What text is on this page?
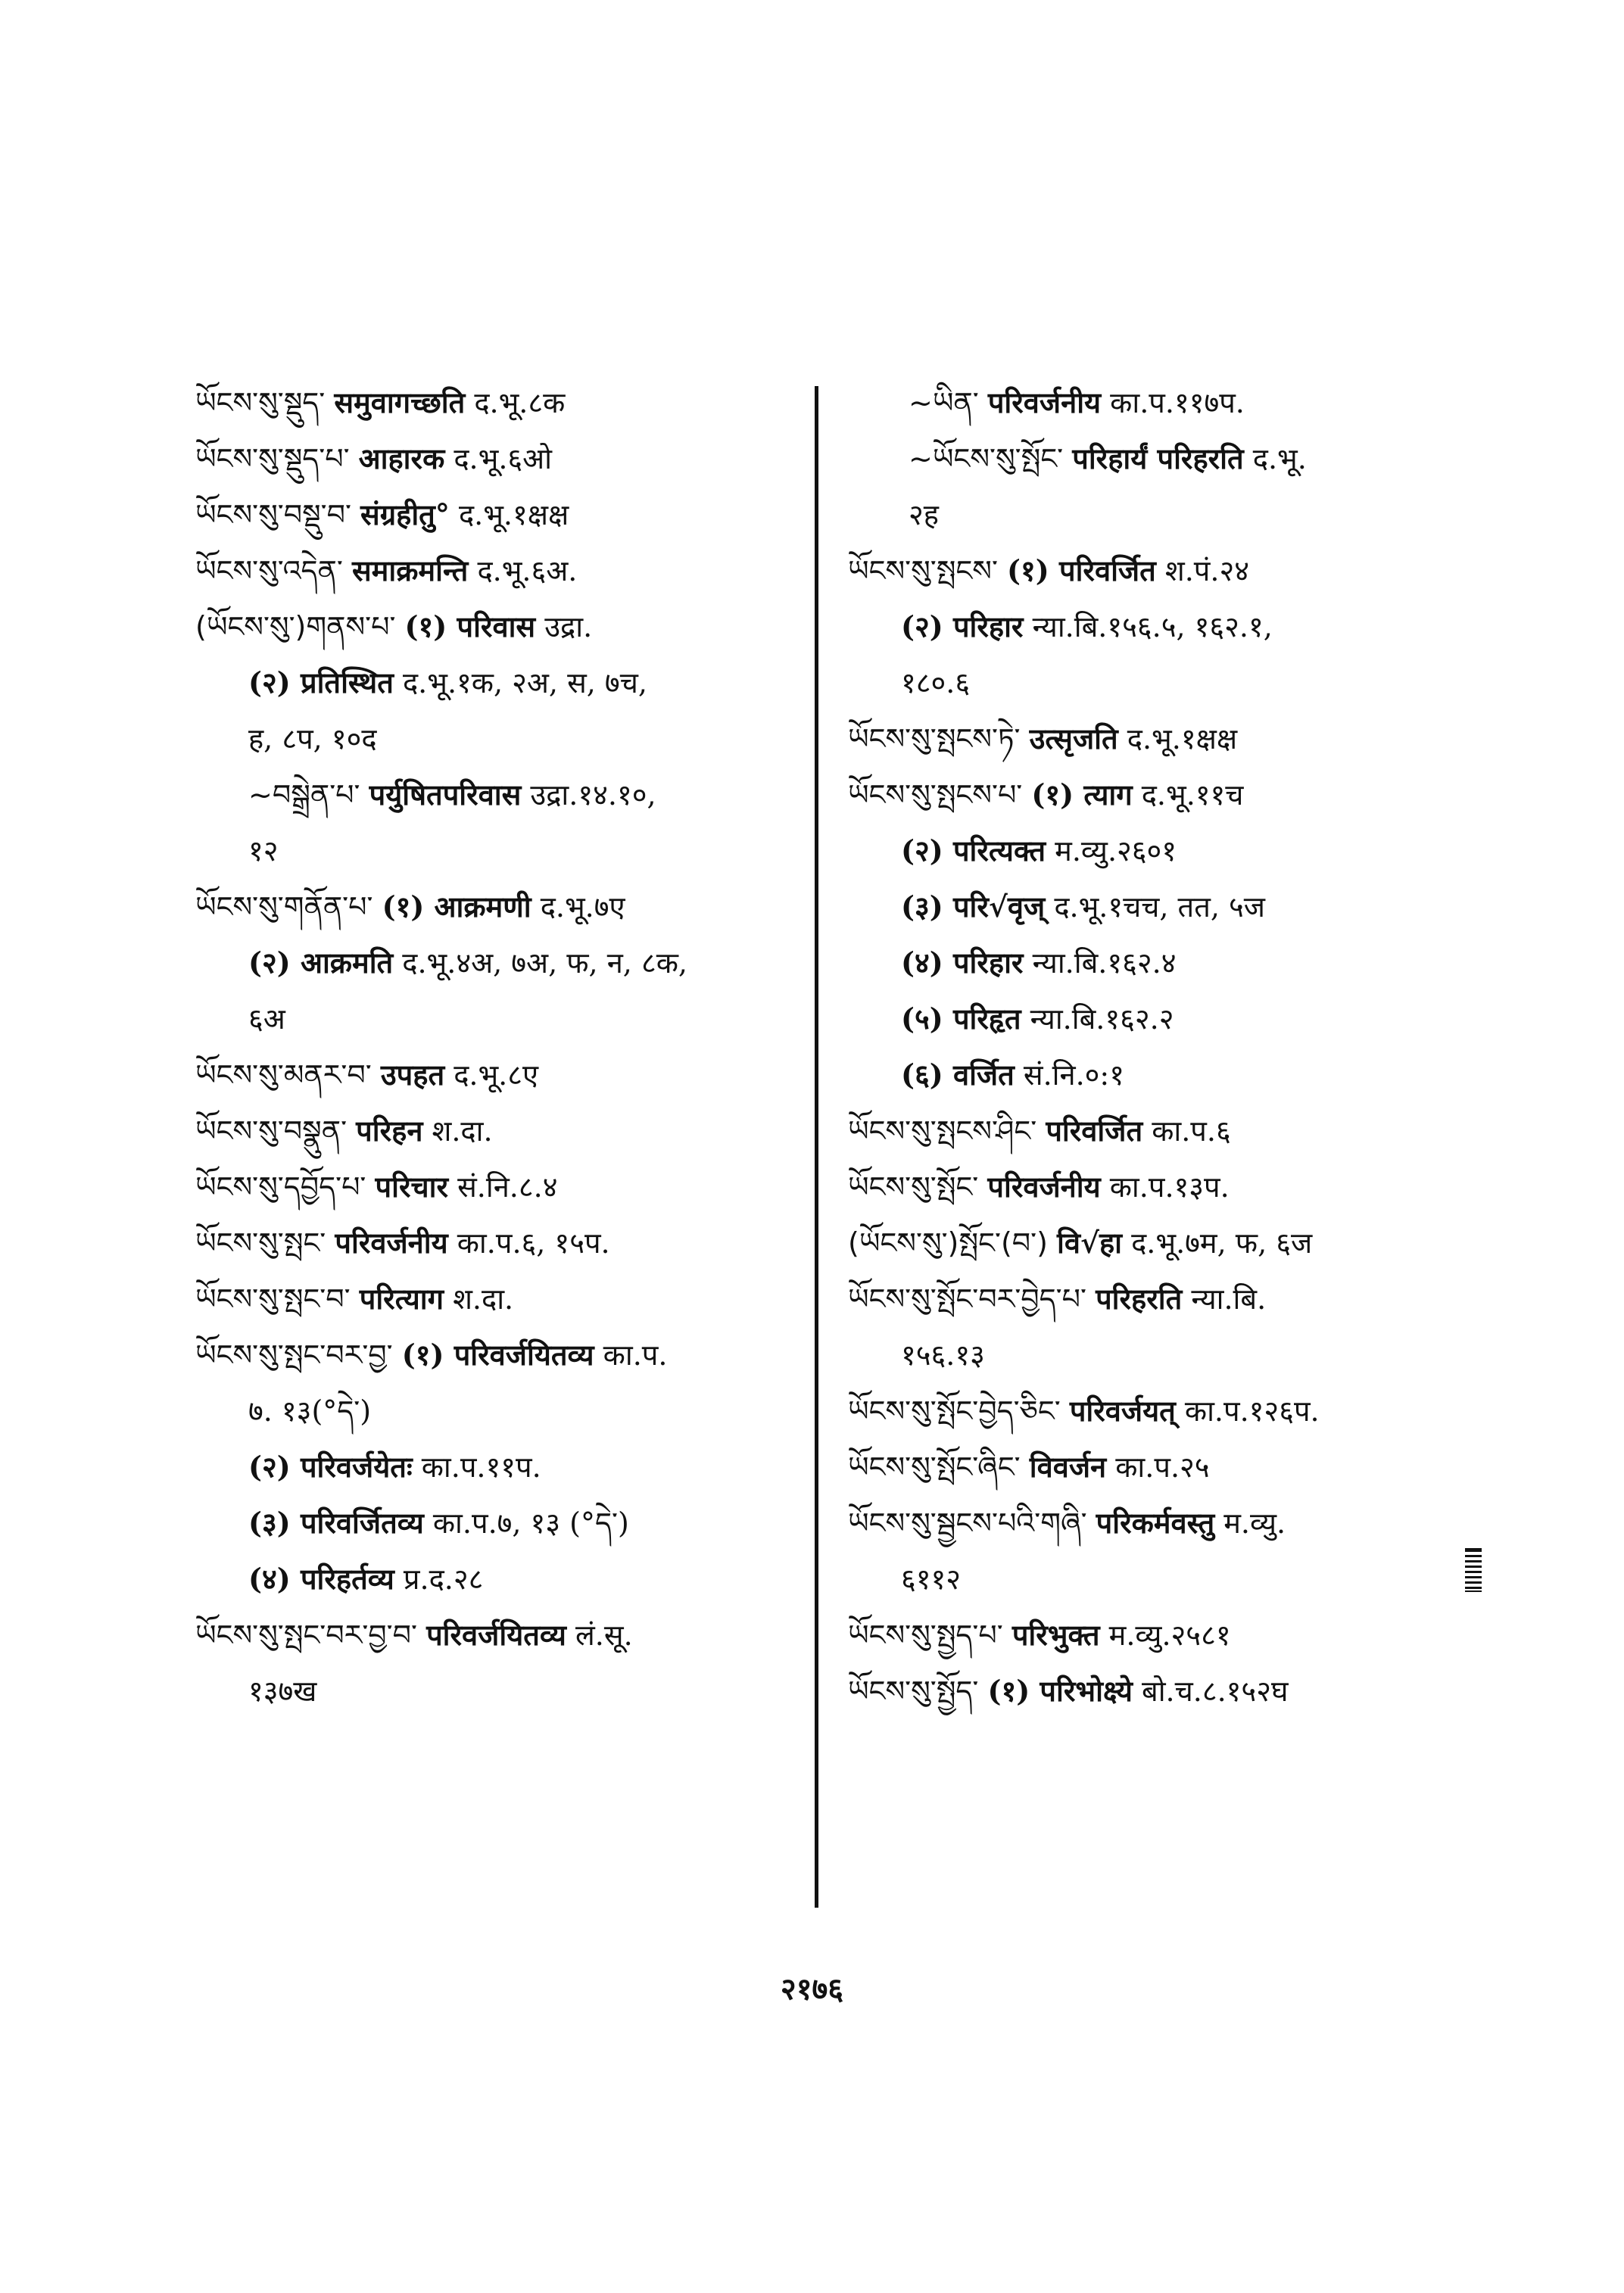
ཡོངས་སུ་སྡུད་ समुवागच्छति द.भू.८क
ཡོངས་སུ་སྡུད་པ་ आहारक द.भू.६ओ
ཡོངས་སུ་བསྡུ་བ་ संग्रहीतु° द.भू.१क्षक्ष
ཡོངས་སུ་འདེན་ समाक्रमन्ति द.भू.६अ.
(ཡོངས་སུ་)གནས་པ་ (१) परिवास उद्रा.
(२) प्रतिस्थित द.भू.१क, २अ, स, ७च,
ह, ८प, १०द
~བསྒྲེན་པ་ पर्युषितपरिवास उद्रा.१४.१०,
१२
ཡོངས་སུ་གནོན་པ་ (१) आक्रमणी द.भू.७ए
(२) आक्रमति द.भू.४अ, ७अ, फ, न, ८क,
६अ
ཡོངས་སུ་མནར་བ་ उपहत द.भू.८ए
ཡོངས་སུ་བསྣུན་ परिहन श.दा.
ཡོངས་སུ་དབྱོད་པ་ परिचार सं.नि.८.४
ཡོངས་སུ་སྤང་ परिवर्जनीय का.प.६, १५प.
ཡོངས་སུ་སྤང་བ་ परित्याग श.दा.
ཡོངས་སུ་སྤང་བར་བྱ་ (१) परिवर्जयितव्य का.प.
७. १३(°དེ་)
(२) परिवर्जयेतः का.प.११प.
(३) परिवर्जितव्य का.प.७, १३ (°དེ་)
(४) परिहर्तव्य प्र.द.२८
ཡོངས་སུ་སྤང་བར་བྱ་བ་ परिवर्जयितव्य लं.सू.
१३७ख
~ཡིན་ परिवर्जनीय का.प.११७प.
~ཡོངས་སུ་སྤོང་ परिहार्यं परिहरति द.भू.
२ह
ཡོངས་སུ་སྤངས་ (१) परिवर्जित श.पं.२४
(२) परिहार न्या.बि.१५६.५, १६२.१,
१८०.६
ཡོངས་སུ་སྤངས་ཏེ་ उत्सृजति द.भू.१क्षक्ष
ཡོངས་སུ་སྤངས་པ་ (१) त्याग द.भू.११च
(२) परित्यक्त म.व्यु.२६०१
(३) परि√वृज् द.भू.१चच, तत, ५ज
(४) परिहार न्या.बि.१६२.४
(५) परिहृत न्या.बि.१६२.२
(६) वर्जित सं.नि.०:१
ཡོངས་སུ་སྤངས་ཤིང་ परिवर्जित का.प.६
ཡོངས་སུ་སྤོང་ परिवर्जनीय का.प.१३प.
(ཡོངས་སུ་)སྤོང་(བ་) वि√हा द.भू.७म, फ, ६ज
ཡོངས་སུ་སྤོང་བར་བྱེད་པ་ परिहरति न्या.बि.
१५६.१३
ཡོངས་སུ་སྤོང་བྱེད་ཅིང་ परिवर्जयत् का.प.१२६प.
ཡོངས་སུ་སྤོང་ཞིང་ विवर्जन का.प.२५
ཡོངས་སུ་སྦྱངས་པའི་གཞི་ परिकर्मवस्तु म.व्यु.
६११२
ཡོངས་སུ་སྤྱད་པ་ परिभुक्त म.व्यु.२५८१
ཡོངས་སུ་སྤྱོད་ (१) परिभोक्ष्ये बो.च.८.१५२घ
२१७६
